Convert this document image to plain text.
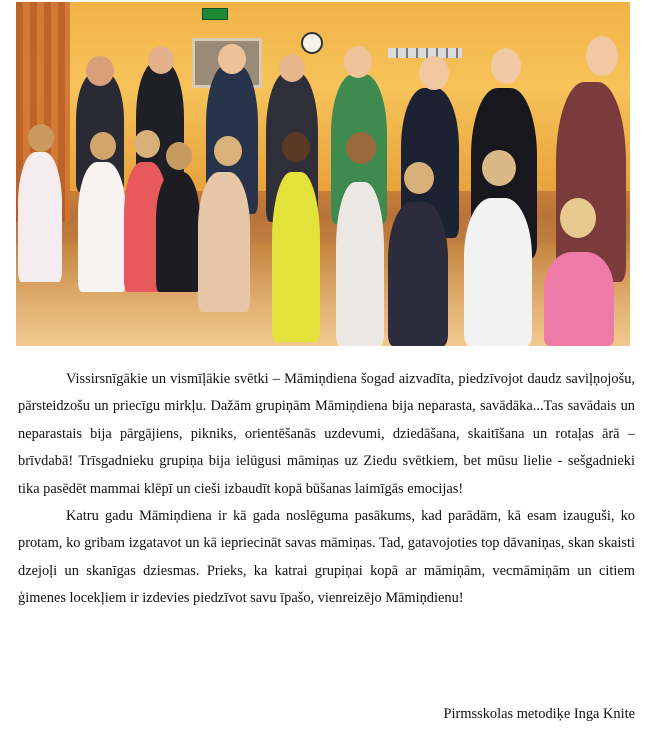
Vissirsnīgākie un vismīļākie svētki – Māmiņdiena šogad aizvadīta, piedzīvojot daudz saviļņojošu, pārsteidzošu un priecīgu mirkļu. Dažām grupiņām Māmiņdiena bija neparasta, savādāka...Tas savādais un neparastais bija pārgājiens, pikniks, orientēšanās uzdevumi, dziedāšana, skaitīšana un rotaļas ārā – brīvdabā! Trīsgadnieku grupiņa bija ielūgusi māmiņas uz Ziedu svētkiem, bet mūsu lielie - sešgadnieki tika pasēdēt mammai klēpī un cieši izbaudīt kopā būšanas laimīgās emocijas!

Katru gadu Māmiņdiena ir kā gada noslēguma pasākums, kad parādām, kā esam izauguši, ko protam, ko gribam izgatavot un kā iepriecināt savas māmiņas. Tad, gatavojoties top dāvaniņas, skan skaisti dzejoļi un skanīgas dziesmas. Prieks, ka katrai grupiņai kopā ar māmiņām, vecmāmiņām un citiem ģimenes locekļiem ir izdevies piedzīvot savu īpašo, vienreizējo Māmiņdienu!

Pirmsskolas metodiķe Inga Knite
